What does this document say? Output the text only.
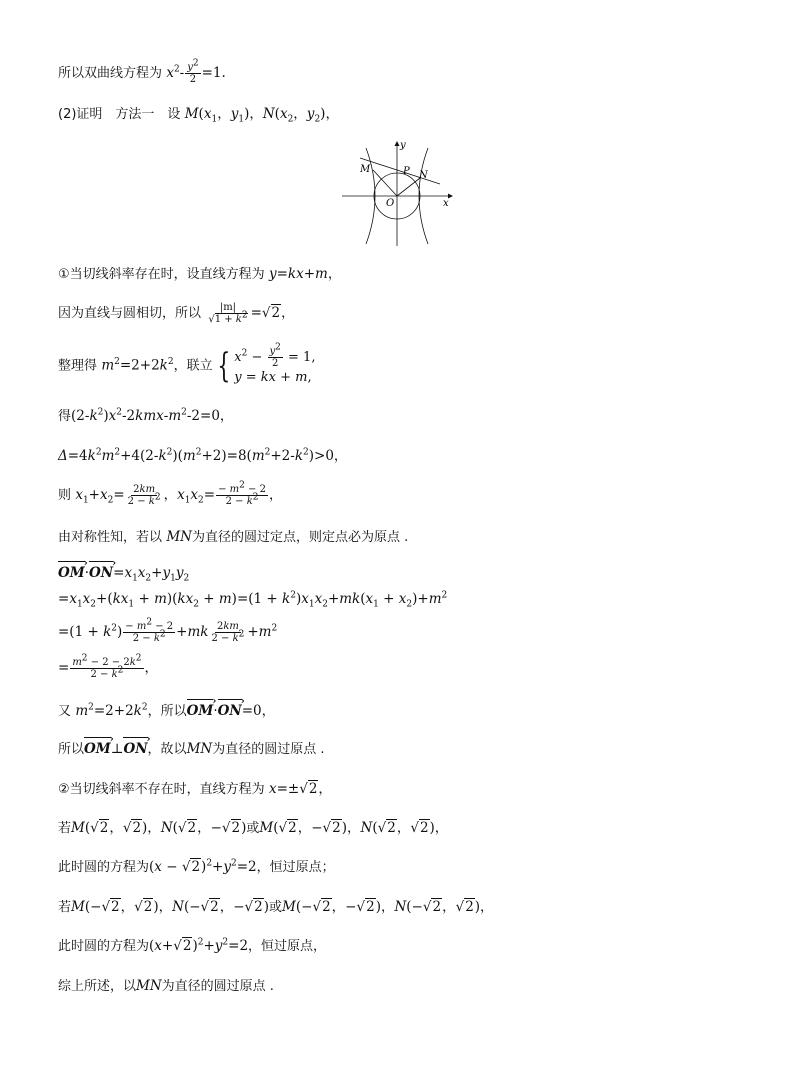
所以双曲线方程为 $x^2- \frac{y^2}{2} =1$.
(2)证明　方法一　设 $M(x_1$，$y_1$)，$N(x_2$，$y_2$)，
O	x
y
M
N
P
①当切线斜率存在时，设直线方程为 y=kx+m，
因为直线与圆相切，所以 $\frac{|m|}{√1 + k^2} =√2$，
整理得 $m^2=2+2k^2$，联立 { $x^2 - \frac{y^2}{2} = 1$,
y = kx + m,
得$(2-k^2)x^2-2kmx-m^2-2=0$，
$\Delta=4k^2m^2+4(2-k^2)(m^2+2)=8(m^2+2-k^2)>0$，
则 $x_1+x_2= \frac{2km}{2 - k^2}$ ，$x_1x_2= \frac{- m^2 - 2}{2 - k^2}$ ，
由对称性知，若以 MN为直径的圆过定点，则定点必为原点 .
OM ›·ON $›=x_1x_2+y_1y_2$
$=x_1x_2+(kx_1 + m)(kx_2 + m)=(1 + k^2)x_1x_2+mk(x_1 + x_2)+m^2$
$=(1 + k^2) \frac{- m^2 - 2}{2 - k^2} +mk \frac{2km}{2 - k^2} +m^2$
= $\frac{m^2 - 2 - 2k^2}{2 - k^2}$ ，
又 $m^2=2+2k^2$，所以OM ›·ON ›=0，
所以OM ›⊥ON ›，故以MN为直径的圆过原点 .
②当切线斜率不存在时，直线方程为 x=±√2，
若M(√2，√2)，N(√2，−√2)或M(√2，−√2)，N(√2，√2)，
此时圆的方程为$(x - √2)^2+y^2=2$，恒过原点；
若M(−√2，√2)，N(−√2，−√2)或M(−√2，−√2)，N(−√2，√2)，
此时圆的方程为$(x+√2)^2+y^2=2$，恒过原点，
综上所述，以MN为直径的圆过原点 .
